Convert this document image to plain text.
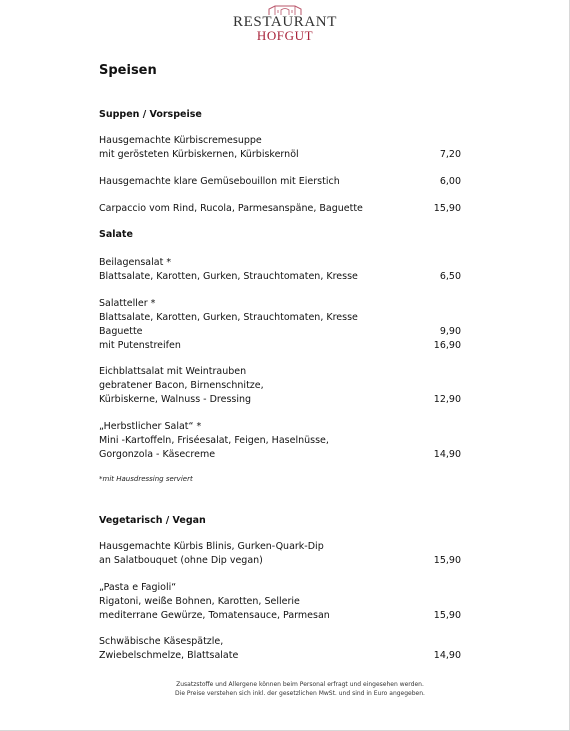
RESTAURANT
HOFGUT
Speisen
Suppen / Vorspeise
Hausgemachte Kürbiscremesuppe
mit gerösteten Kürbiskernen, Kürbiskernöl	7,20
Hausgemachte klare Gemüsebouillon mit Eierstich	6,00
Carpaccio vom Rind, Rucola, Parmesanspäne, Baguette	15,90
Salate
Beilagensalat *
Blattsalate, Karotten, Gurken, Strauchtomaten, Kresse	6,50
Salatteller *
Blattsalate, Karotten, Gurken, Strauchtomaten, Kresse
Baguette	9,90
mit Putenstreifen	16,90
Eichblattsalat mit Weintrauben
gebratener Bacon, Birnenschnitze,
Kürbiskerne, Walnuss - Dressing	12,90
„Herbstlicher Salat“ *
Mini -Kartoffeln, Friséesalat, Feigen, Haselnüsse,
Gorgonzola - Käsecreme	14,90
*mit Hausdressing serviert
Vegetarisch / Vegan
Hausgemachte Kürbis Blinis, Gurken-Quark-Dip
an Salatbouquet (ohne Dip vegan)	15,90
„Pasta e Fagioli“
Rigatoni, weiße Bohnen, Karotten, Sellerie
mediterrane Gewürze, Tomatensauce, Parmesan	15,90
Schwäbische Käsespätzle,
Zwiebelschmelze, Blattsalate	14,90
Zusatzstoffe und Allergene können beim Personal erfragt und eingesehen werden.
Die Preise verstehen sich inkl. der gesetzlichen MwSt. und sind in Euro angegeben.
